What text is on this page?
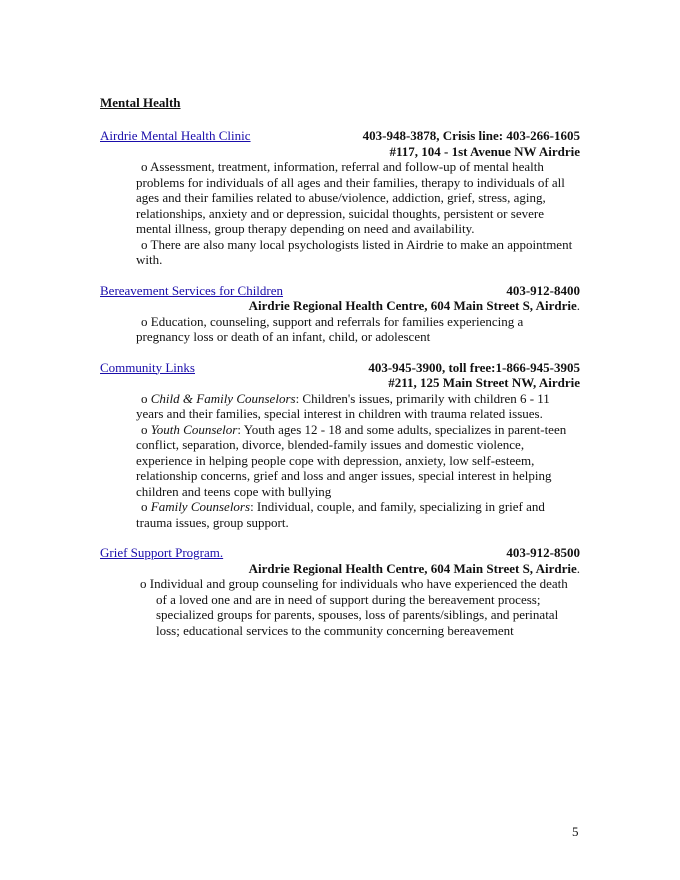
Mental Health
Airdrie Mental Health Clinic	403-948-3878, Crisis line: 403-266-1605
#117, 104 - 1st Avenue NW Airdrie
o Assessment, treatment, information, referral and follow-up of mental health problems for individuals of all ages and their families, therapy to individuals of all ages and their families related to abuse/violence, addiction, grief, stress, aging, relationships, anxiety and or depression, suicidal thoughts, persistent or severe mental illness, group therapy depending on need and availability.
o There are also many local psychologists listed in Airdrie to make an appointment with.
Bereavement Services for Children	403-912-8400
Airdrie Regional Health Centre, 604 Main Street S, Airdrie.
o Education, counseling, support and referrals for families experiencing a pregnancy loss or death of an infant, child, or adolescent
Community Links	403-945-3900, toll free:1-866-945-3905
#211, 125 Main Street NW, Airdrie
o Child & Family Counselors: Children's issues, primarily with children 6 - 11 years and their families, special interest in children with trauma related issues.
o Youth Counselor: Youth ages 12 - 18 and some adults, specializes in parent-teen conflict, separation, divorce, blended-family issues and domestic violence, experience in helping people cope with depression, anxiety, low self-esteem, relationship concerns, grief and loss and anger issues, special interest in helping children and teens cope with bullying
o Family Counselors: Individual, couple, and family, specializing in grief and trauma issues, group support.
Grief Support Program.	403-912-8500
Airdrie Regional Health Centre, 604 Main Street S, Airdrie.
o Individual and group counseling for individuals who have experienced the death of a loved one and are in need of support during the bereavement process; specialized groups for parents, spouses, loss of parents/siblings, and perinatal loss; educational services to the community concerning bereavement
5
